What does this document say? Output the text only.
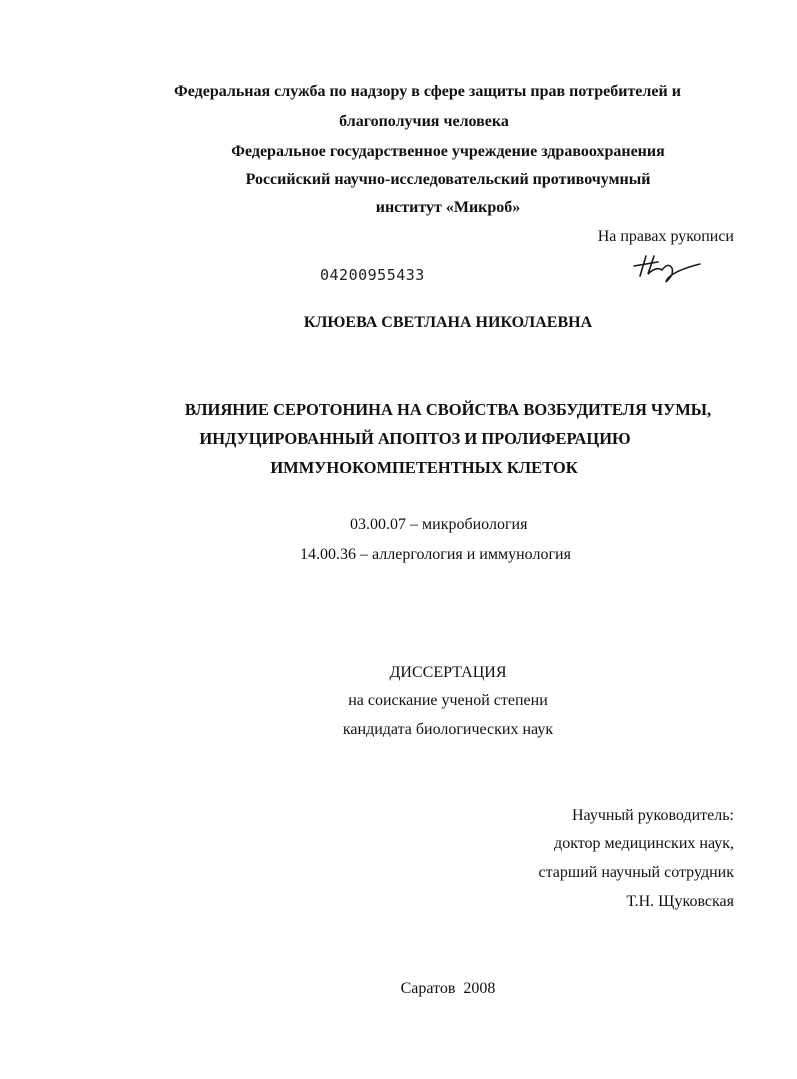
Федеральная служба по надзору в сфере защиты прав потребителей и
благополучия человека
Федеральное государственное учреждение здравоохранения
Российский научно-исследовательский противочумный
институт «Микроб»
На правах рукописи
04200955433
КЛЮЕВА СВЕТЛАНА НИКОЛАЕВНА
ВЛИЯНИЕ СЕРОТОНИНА НА СВОЙСТВА ВОЗБУДИТЕЛЯ ЧУМЫ,
ИНДУЦИРОВАННЫЙ АПОПТОЗ И ПРОЛИФЕРАЦИЮ
ИММУНОКОМПЕТЕНТНЫХ КЛЕТОК
03.00.07 – микробиология
14.00.36 – аллергология и иммунология
ДИССЕРТАЦИЯ
на соискание ученой степени
кандидата биологических наук
Научный руководитель:
доктор медицинских наук,
старший научный сотрудник
Т.Н. Щуковская
Саратов  2008
